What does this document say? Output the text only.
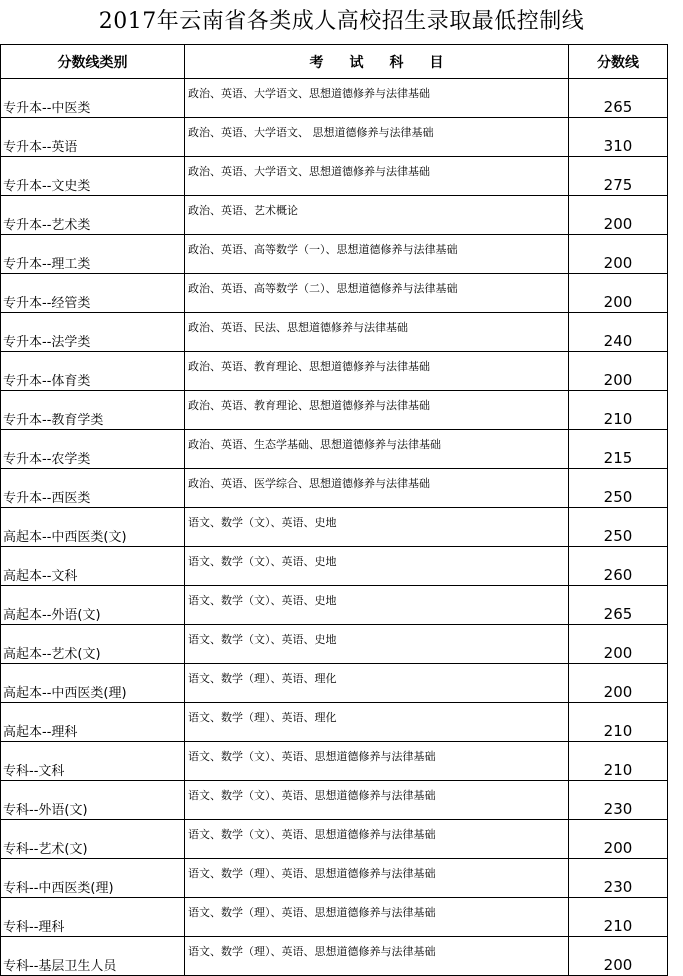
2017年云南省各类成人高校招生录取最低控制线
分数线类别	考试科目	分数线
专升本--中医类	政治、英语、大学语文、思想道德修养与法律基础	265
专升本--英语	政治、英语、大学语文、 思想道德修养与法律基础	310
专升本--文史类	政治、英语、大学语文、思想道德修养与法律基础	275
专升本--艺术类	政治、英语、艺术概论	200
专升本--理工类	政治、英语、高等数学（一）、思想道德修养与法律基础	200
专升本--经管类	政治、英语、高等数学（二）、思想道德修养与法律基础	200
专升本--法学类	政治、英语、民法、思想道德修养与法律基础	240
专升本--体育类	政治、英语、教育理论、思想道德修养与法律基础	200
专升本--教育学类	政治、英语、教育理论、思想道德修养与法律基础	210
专升本--农学类	政治、英语、生态学基础、思想道德修养与法律基础	215
专升本--西医类	政治、英语、医学综合、思想道德修养与法律基础	250
高起本--中西医类(文)	语文、数学（文）、英语、史地	250
高起本--文科	语文、数学（文）、英语、史地	260
高起本--外语(文)	语文、数学（文）、英语、史地	265
高起本--艺术(文)	语文、数学（文）、英语、史地	200
高起本--中西医类(理)	语文、数学（理）、英语、理化	200
高起本--理科	语文、数学（理）、英语、理化	210
专科--文科	语文、数学（文）、英语、思想道德修养与法律基础	210
专科--外语(文)	语文、数学（文）、英语、思想道德修养与法律基础	230
专科--艺术(文)	语文、数学（文）、英语、思想道德修养与法律基础	200
专科--中西医类(理)	语文、数学（理）、英语、思想道德修养与法律基础	230
专科--理科	语文、数学（理）、英语、思想道德修养与法律基础	210
专科--基层卫生人员	语文、数学（理）、英语、思想道德修养与法律基础	200
